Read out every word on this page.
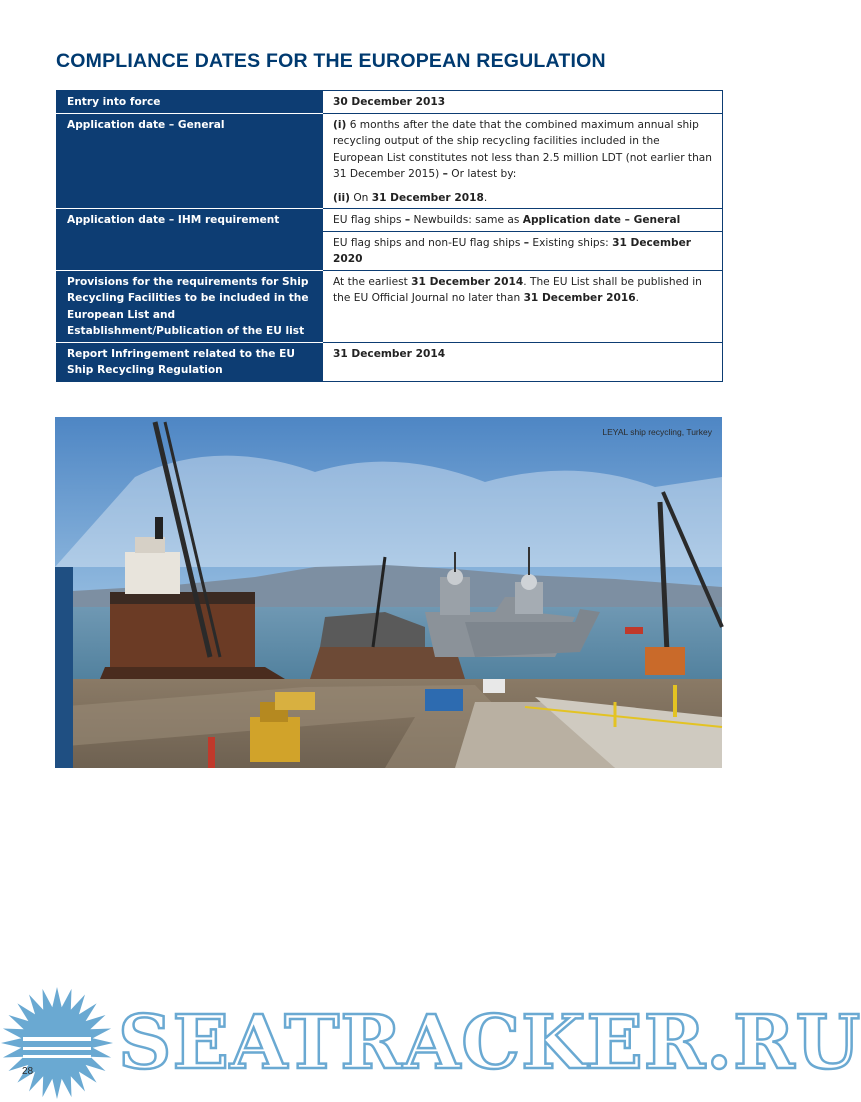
COMPLIANCE DATES FOR THE EUROPEAN REGULATION
Entry into force	30 December 2013
Application date – General	(i) 6 months after the date that the combined maximum annual ship recycling output of the ship recycling facilities included in the European List constitutes not less than 2.5 million LDT (not earlier than 31 December 2015) – Or latest by:

(ii) On 31 December 2018.

Application date – IHM requirement	EU flag ships – Newbuilds: same as Application date – General
	EU flag ships and non-EU flag ships – Existing ships: 31 December 2020
Provisions for the requirements for Ship Recycling Facilities to be included in the European List and Establishment/Publication of the EU list	At the earliest 31 December 2014. The EU List shall be published in the EU Official Journal no later than 31 December 2016.
Report Infringement related to the EU Ship Recycling Regulation	31 December 2014
LEYAL ship recycling, Turkey
SEATRACKER.RU
28
